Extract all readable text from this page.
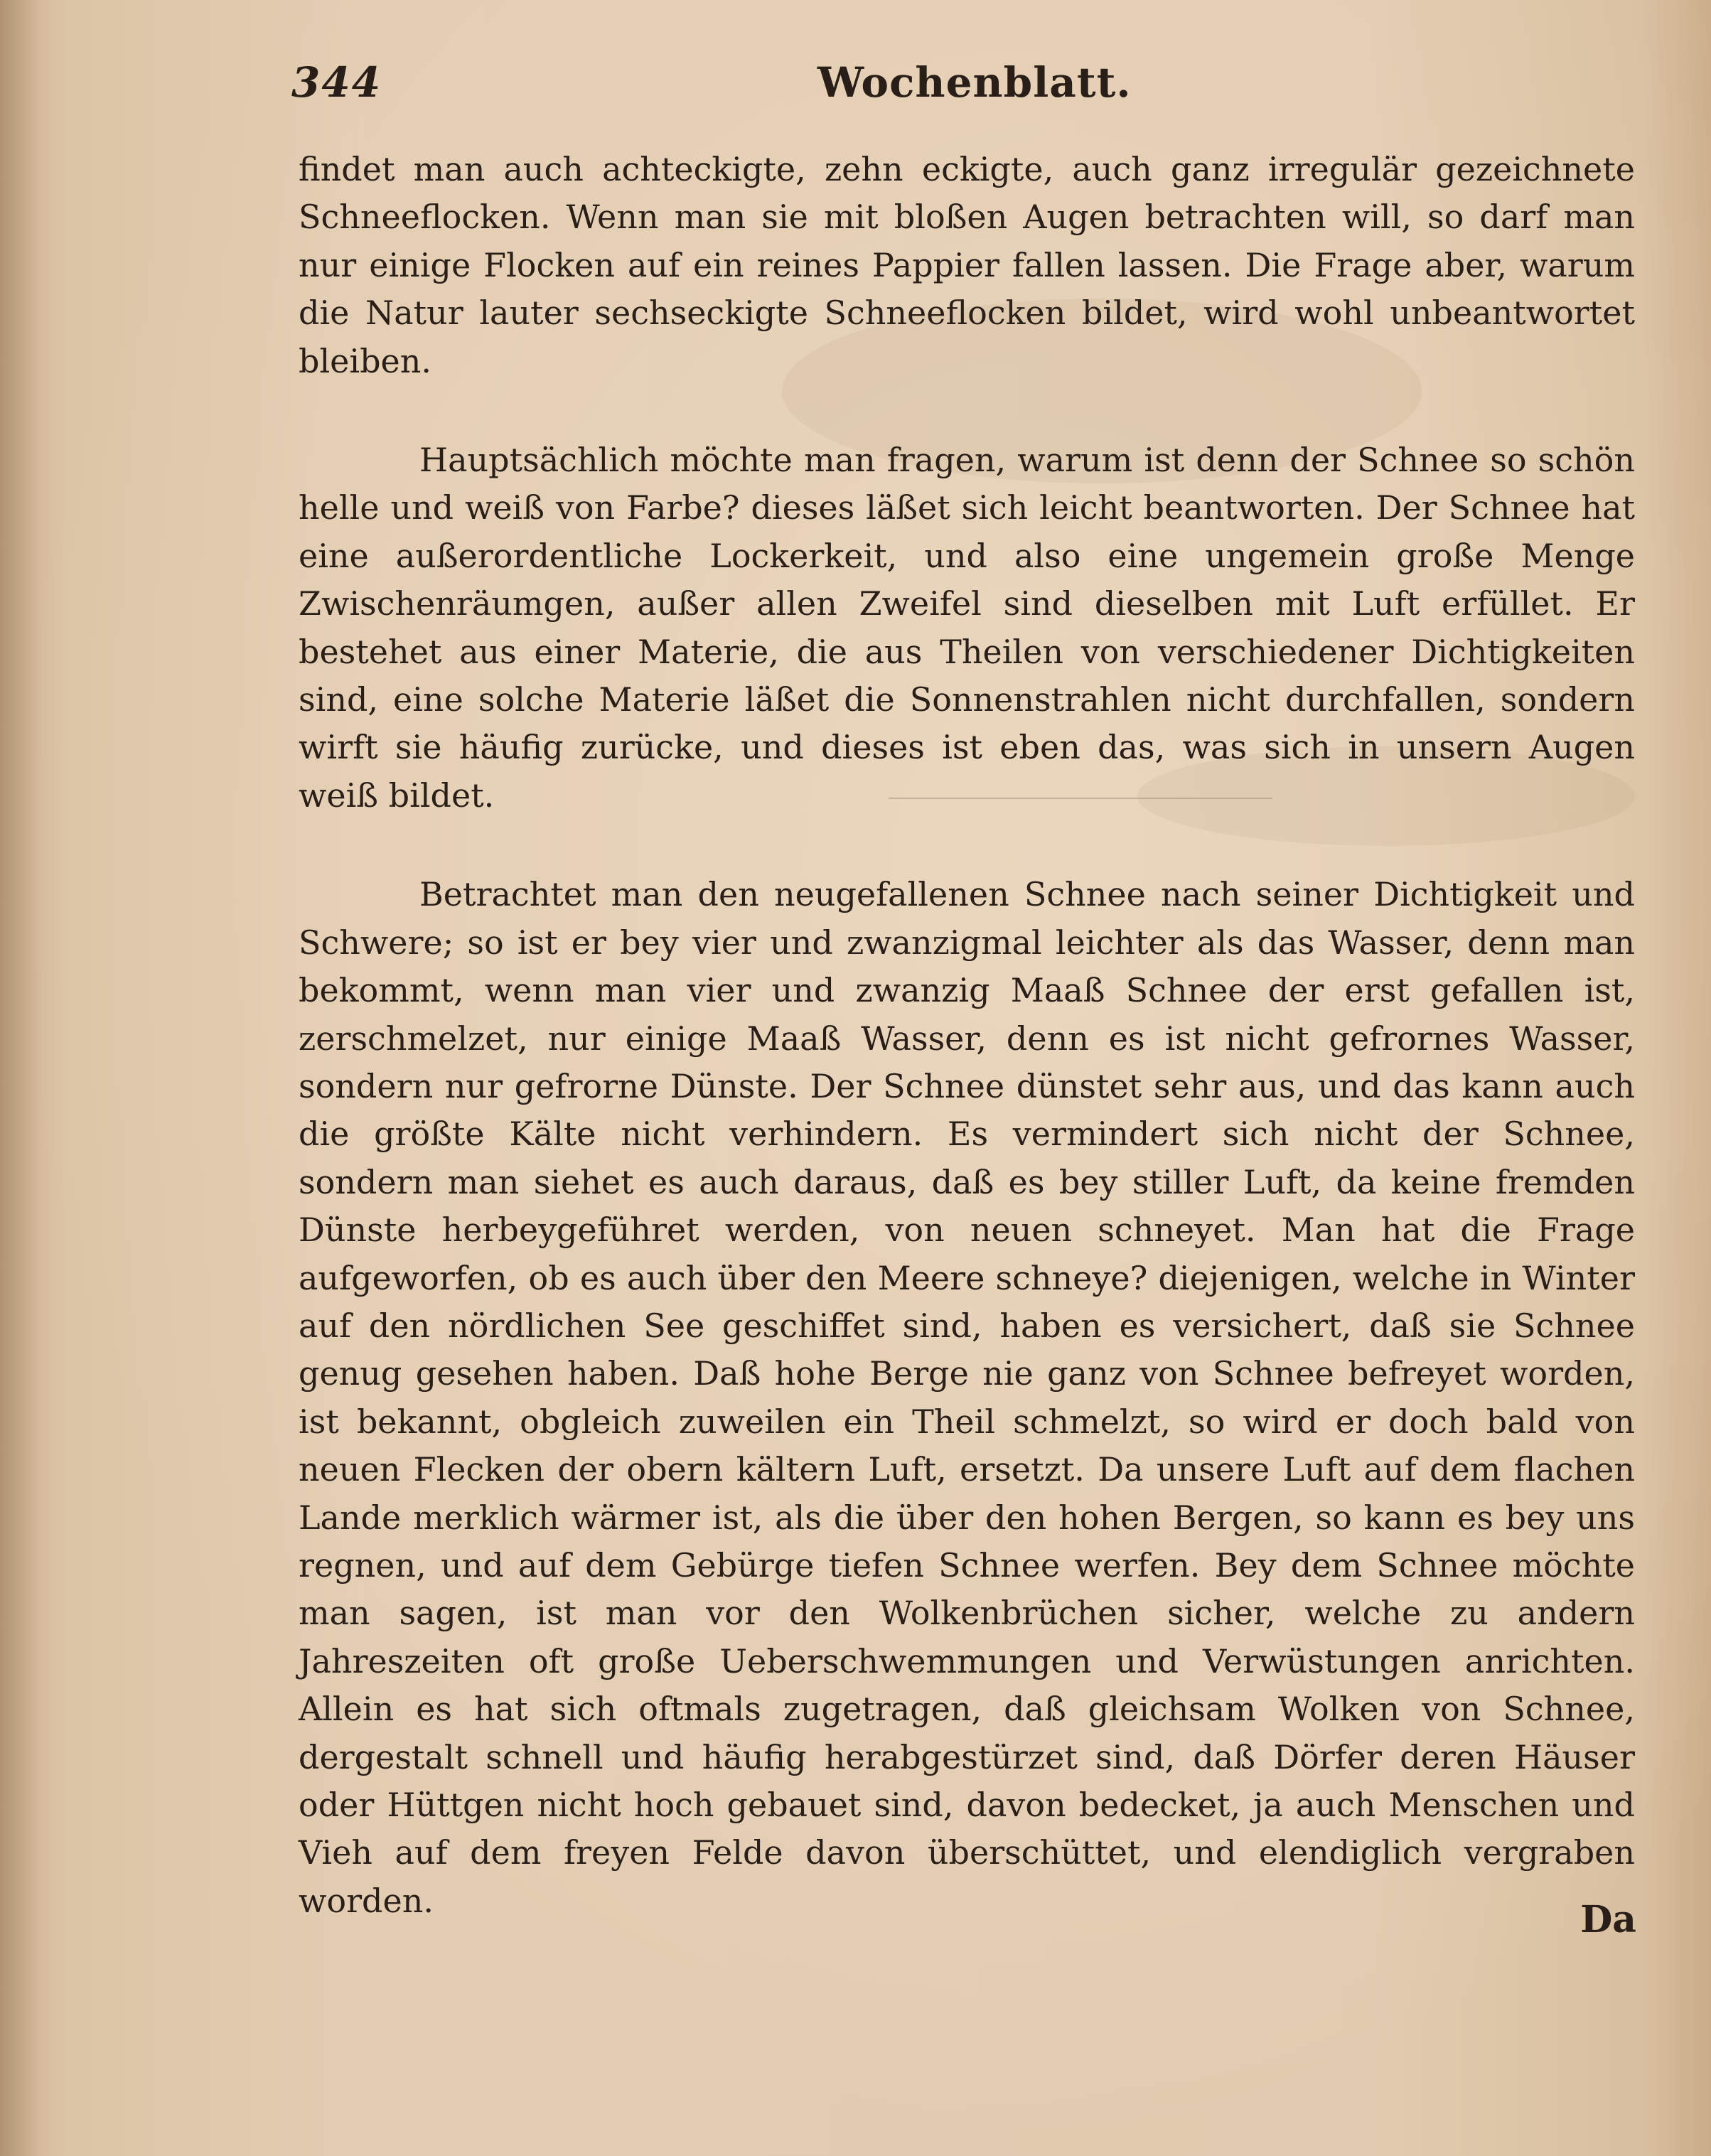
344	Wochenblatt.

findet man auch achteckigte, zehn eckigte, auch ganz irregulär gezeichnete Schneeflocken. Wenn man sie mit bloßen Augen betrachten will, so darf man nur einige Flocken auf ein reines Pappier fallen lassen. Die Frage aber, warum die Natur lauter sechseckigte Schneeflocken bildet, wird wohl unbeantwortet bleiben.

Hauptsächlich möchte man fragen, warum ist denn der Schnee so schön helle und weiß von Farbe? dieses läßet sich leicht beantworten. Der Schnee hat eine außerordentliche Lockerkeit, und also eine ungemein große Menge Zwischenräumgen, außer allen Zweifel sind dieselben mit Luft erfüllet. Er bestehet aus einer Materie, die aus Theilen von verschiedener Dichtigkeiten sind, eine solche Materie läßet die Sonnenstrahlen nicht durchfallen, sondern wirft sie häufig zurücke, und dieses ist eben das, was sich in unsern Augen weiß bildet.

Betrachtet man den neugefallenen Schnee nach seiner Dichtigkeit und Schwere; so ist er bey vier und zwanzigmal leichter als das Wasser, denn man bekommt, wenn man vier und zwanzig Maaß Schnee der erst gefallen ist, zerschmelzet, nur einige Maaß Wasser, denn es ist nicht gefrornes Wasser, sondern nur gefrorne Dünste. Der Schnee dünstet sehr aus, und das kann auch die größte Kälte nicht verhindern. Es vermindert sich nicht der Schnee, sondern man siehet es auch daraus, daß es bey stiller Luft, da keine fremden Dünste herbeygeführet werden, von neuen schneyet. Man hat die Frage aufgeworfen, ob es auch über den Meere schneye? diejenigen, welche in Winter auf den nördlichen See geschiffet sind, haben es versichert, daß sie Schnee genug gesehen haben. Daß hohe Berge nie ganz von Schnee befreyet worden, ist bekannt, obgleich zuweilen ein Theil schmelzt, so wird er doch bald von neuen Flecken der obern kältern Luft, ersetzt. Da unsere Luft auf dem flachen Lande merklich wärmer ist, als die über den hohen Bergen, so kann es bey uns regnen, und auf dem Gebürge tiefen Schnee werfen. Bey dem Schnee möchte man sagen, ist man vor den Wolkenbrüchen sicher, welche zu andern Jahreszeiten oft große Ueberschwemmungen und Verwüstungen anrichten. Allein es hat sich oftmals zugetragen, daß gleichsam Wolken von Schnee, dergestalt schnell und häufig herabgestürzet sind, daß Dörfer deren Häuser oder Hüttgen nicht hoch gebauet sind, davon bedecket, ja auch Menschen und Vieh auf dem freyen Felde davon überschüttet, und elendiglich vergraben worden.	Da
